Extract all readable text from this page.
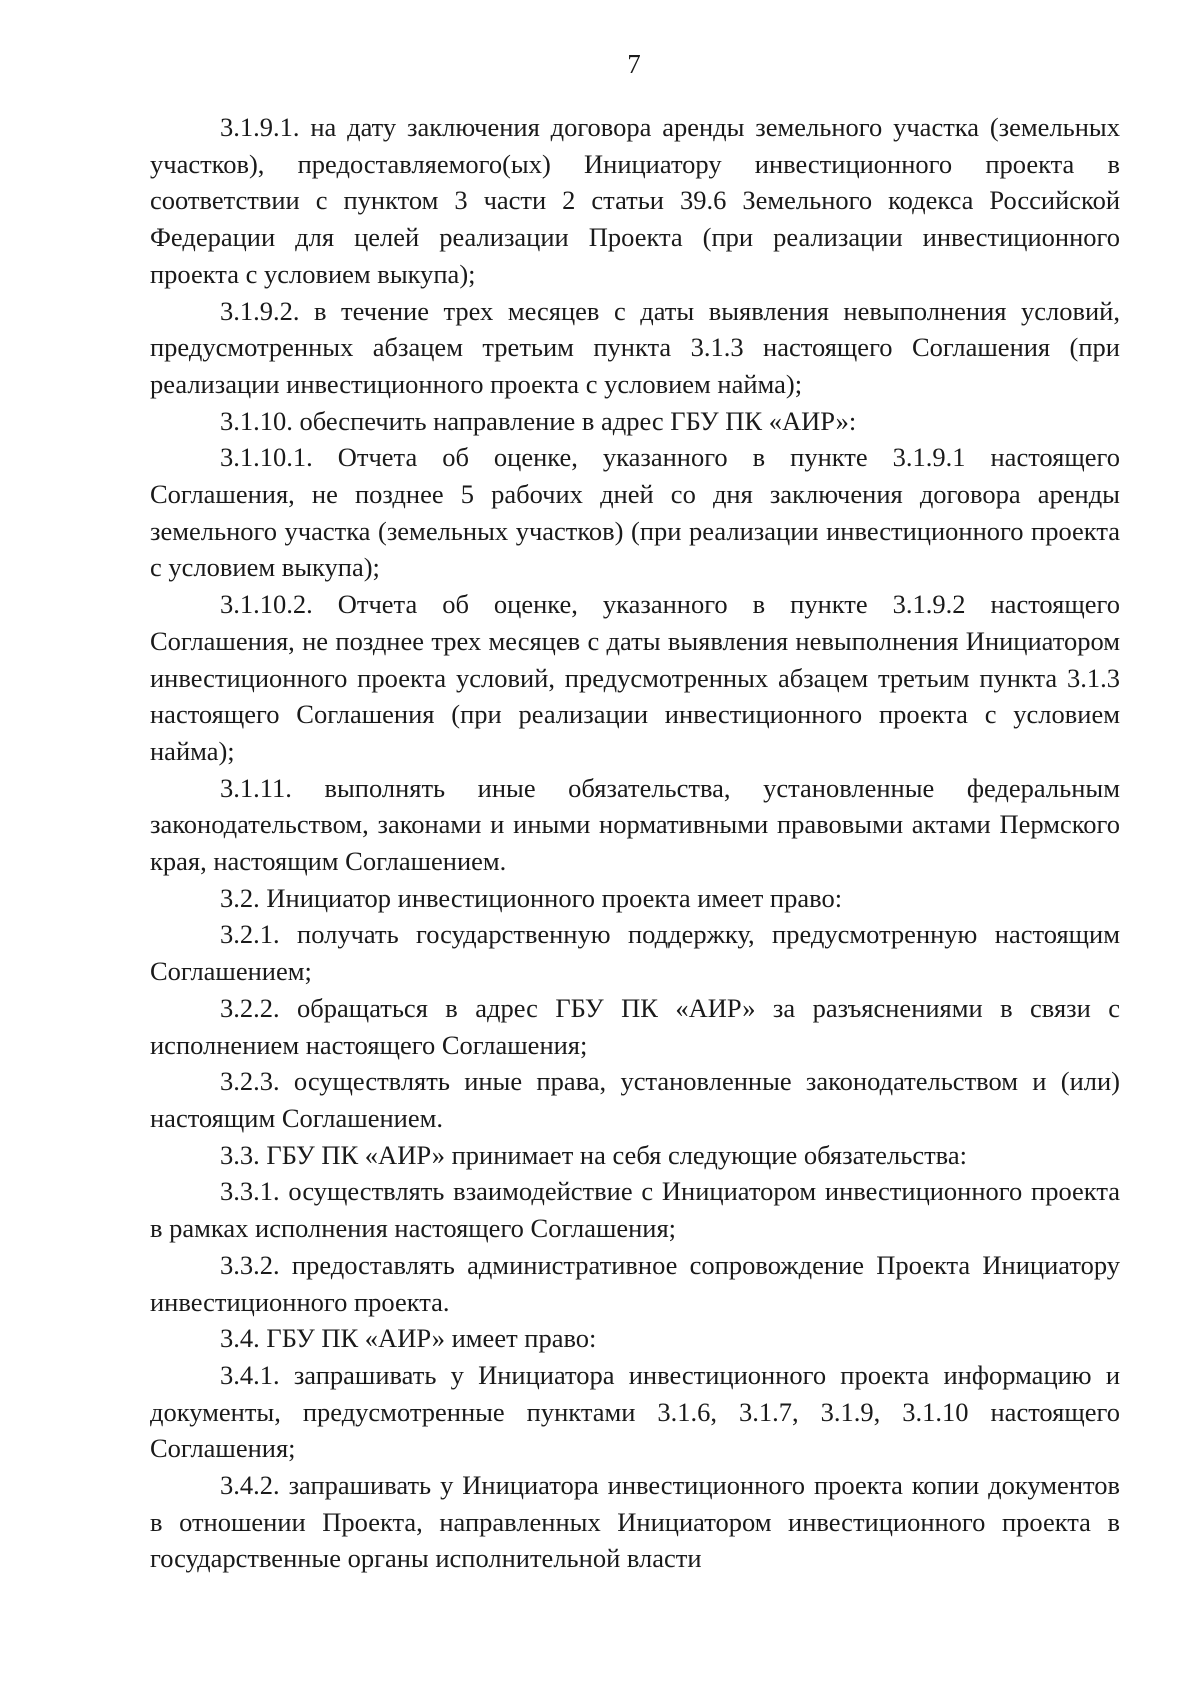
7

3.1.9.1. на дату заключения договора аренды земельного участка (земельных участков), предоставляемого(ых) Инициатору инвестиционного проекта в соответствии с пунктом 3 части 2 статьи 39.6 Земельного кодекса Российской Федерации для целей реализации Проекта (при реализации инвестиционного проекта с условием выкупа);

3.1.9.2. в течение трех месяцев с даты выявления невыполнения условий, предусмотренных абзацем третьим пункта 3.1.3 настоящего Соглашения (при реализации инвестиционного проекта с условием найма);

3.1.10. обеспечить направление в адрес ГБУ ПК «АИР»:

3.1.10.1. Отчета об оценке, указанного в пункте 3.1.9.1 настоящего Соглашения, не позднее 5 рабочих дней со дня заключения договора аренды земельного участка (земельных участков) (при реализации инвестиционного проекта с условием выкупа);

3.1.10.2. Отчета об оценке, указанного в пункте 3.1.9.2 настоящего Соглашения, не позднее трех месяцев с даты выявления невыполнения Инициатором инвестиционного проекта условий, предусмотренных абзацем третьим пункта 3.1.3 настоящего Соглашения (при реализации инвестиционного проекта с условием найма);

3.1.11. выполнять иные обязательства, установленные федеральным законодательством, законами и иными нормативными правовыми актами Пермского края, настоящим Соглашением.

3.2. Инициатор инвестиционного проекта имеет право:

3.2.1. получать государственную поддержку, предусмотренную настоящим Соглашением;

3.2.2. обращаться в адрес ГБУ ПК «АИР» за разъяснениями в связи с исполнением настоящего Соглашения;

3.2.3. осуществлять иные права, установленные законодательством и (или) настоящим Соглашением.

3.3. ГБУ ПК «АИР» принимает на себя следующие обязательства:

3.3.1. осуществлять взаимодействие с Инициатором инвестиционного проекта в рамках исполнения настоящего Соглашения;

3.3.2. предоставлять административное сопровождение Проекта Инициатору инвестиционного проекта.

3.4. ГБУ ПК «АИР» имеет право:

3.4.1. запрашивать у Инициатора инвестиционного проекта информацию и документы, предусмотренные пунктами 3.1.6, 3.1.7, 3.1.9, 3.1.10 настоящего Соглашения;

3.4.2. запрашивать у Инициатора инвестиционного проекта копии документов в отношении Проекта, направленных Инициатором инвестиционного проекта в государственные органы исполнительной власти
